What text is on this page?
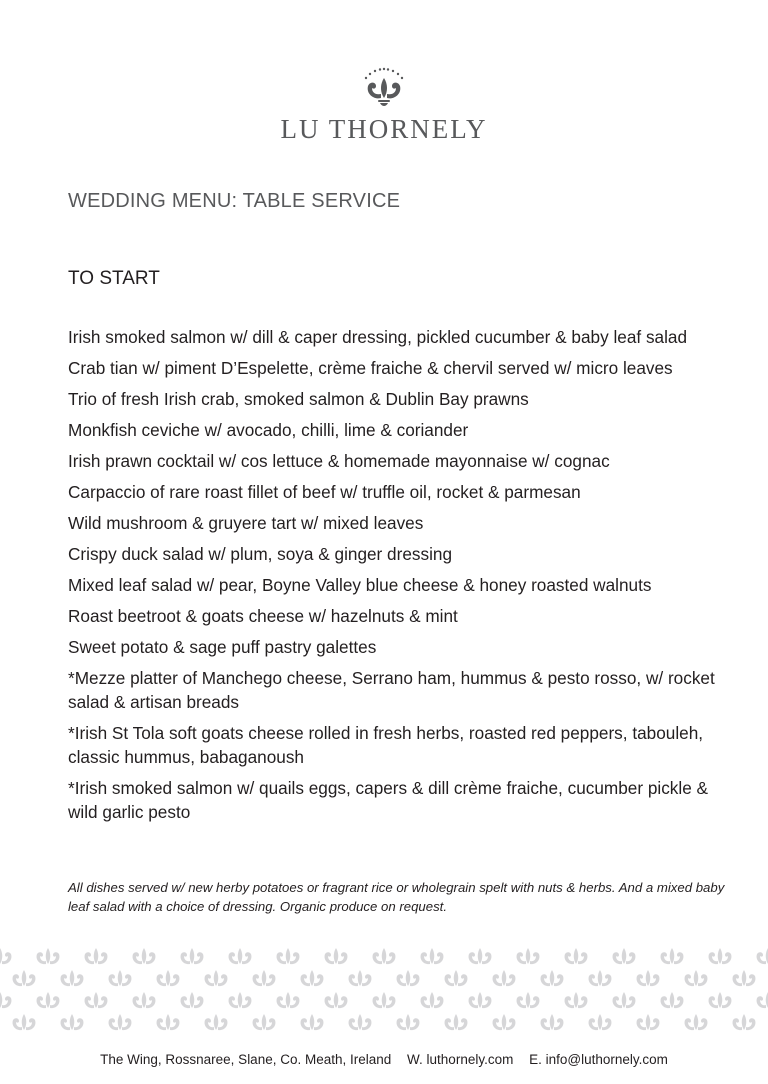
LU THORNELY
WEDDING MENU: TABLE SERVICE
TO START
Irish smoked salmon w/ dill & caper dressing, pickled cucumber & baby leaf salad
Crab tian w/ piment D’Espelette, crème fraiche & chervil served w/ micro leaves
Trio of fresh Irish crab, smoked salmon & Dublin Bay prawns
Monkfish ceviche w/ avocado, chilli, lime & coriander
Irish prawn cocktail w/ cos lettuce & homemade mayonnaise w/ cognac
Carpaccio of rare roast fillet of beef w/ truffle oil, rocket & parmesan
Wild mushroom & gruyere tart w/ mixed leaves
Crispy duck salad w/ plum, soya & ginger dressing
Mixed leaf salad w/ pear, Boyne Valley blue cheese & honey roasted walnuts
Roast beetroot & goats cheese w/ hazelnuts & mint
Sweet potato & sage puff pastry galettes
*Mezze platter of Manchego cheese, Serrano ham, hummus & pesto rosso, w/ rocket salad & artisan breads
*Irish St Tola soft goats cheese rolled in fresh herbs, roasted red peppers, tabouleh, classic hummus, babaganoush
*Irish smoked salmon w/ quails eggs, capers & dill crème fraiche, cucumber pickle & wild garlic pesto

All dishes served w/ new herby potatoes or fragrant rice or wholegrain spelt with nuts & herbs. And a mixed baby leaf salad with a choice of dressing. Organic produce on request.

The Wing, Rossnaree, Slane, Co. Meath, Ireland W. luthornely.com E. info@luthornely.com
